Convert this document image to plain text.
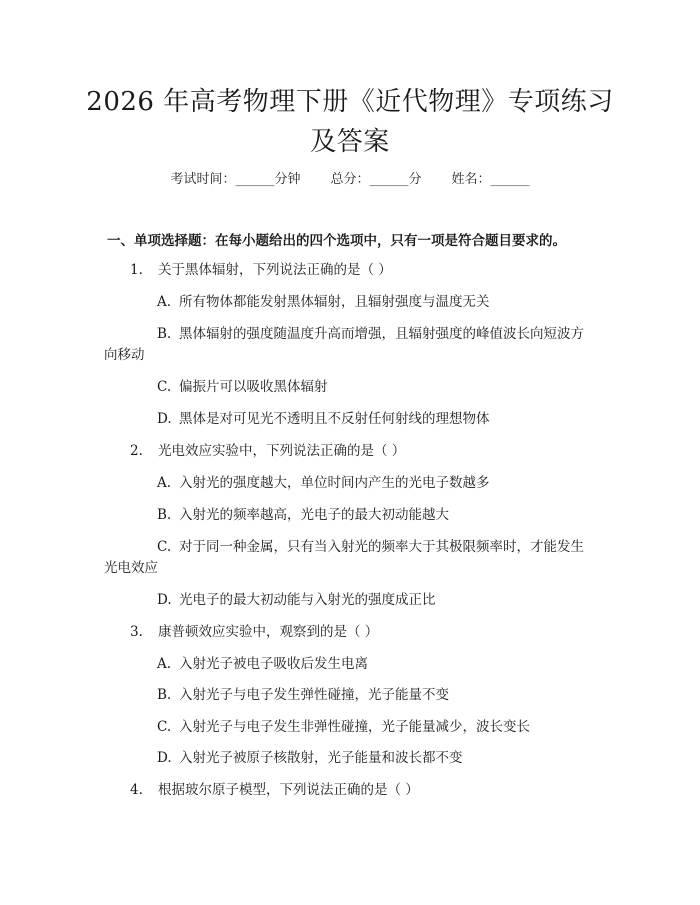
2026 年高考物理下册《近代物理》专项练习
及答案
考试时间：______分钟 总分：______分 姓名：______
一、单项选择题：在每小题给出的四个选项中，只有一项是符合题目要求的。
1. 关于黑体辐射，下列说法正确的是（ ）
A. 所有物体都能发射黑体辐射，且辐射强度与温度无关
B. 黑体辐射的强度随温度升高而增强，且辐射强度的峰值波长向短波方
向移动
C. 偏振片可以吸收黑体辐射
D. 黑体是对可见光不透明且不反射任何射线的理想物体
2. 光电效应实验中，下列说法正确的是（ ）
A. 入射光的强度越大，单位时间内产生的光电子数越多
B. 入射光的频率越高，光电子的最大初动能越大
C. 对于同一种金属，只有当入射光的频率大于其极限频率时，才能发生
光电效应
D. 光电子的最大初动能与入射光的强度成正比
3. 康普顿效应实验中，观察到的是（ ）
A. 入射光子被电子吸收后发生电离
B. 入射光子与电子发生弹性碰撞，光子能量不变
C. 入射光子与电子发生非弹性碰撞，光子能量减少，波长变长
D. 入射光子被原子核散射，光子能量和波长都不变
4. 根据玻尔原子模型，下列说法正确的是（ ）
